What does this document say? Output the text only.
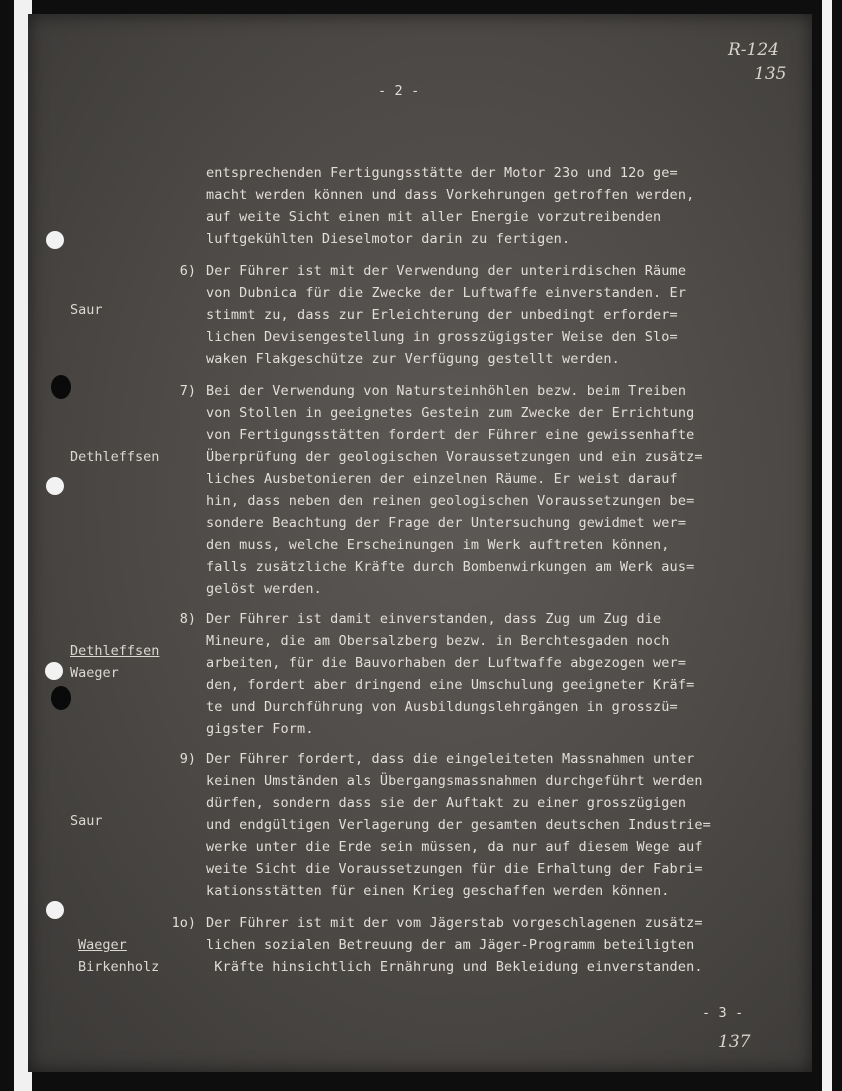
R-124
135
- 2 -
entsprechenden Fertigungsstätte der Motor 23o und 12o ge=
macht werden können und dass Vorkehrungen getroffen werden,
auf weite Sicht einen mit aller Energie vorzutreibenden
luftgekühlten Dieselmotor darin zu fertigen.
6) Der Führer ist mit der Verwendung der unterirdischen Räume
von Dubnica für die Zwecke der Luftwaffe einverstanden. Er
stimmt zu, dass zur Erleichterung der unbedingt erforder=
lichen Devisengestellung in grosszügigster Weise den Slo=
waken Flakgeschütze zur Verfügung gestellt werden.
7) Bei der Verwendung von Natursteinhöhlen bezw. beim Treiben
von Stollen in geeignetes Gestein zum Zwecke der Errichtung
von Fertigungsstätten fordert der Führer eine gewissenhafte
Überprüfung der geologischen Voraussetzungen und ein zusätz=
liches Ausbetonieren der einzelnen Räume. Er weist darauf
hin, dass neben den reinen geologischen Voraussetzungen be=
sondere Beachtung der Frage der Untersuchung gewidmet wer=
den muss, welche Erscheinungen im Werk auftreten können,
falls zusätzliche Kräfte durch Bombenwirkungen am Werk aus=
gelöst werden.
8) Der Führer ist damit einverstanden, dass Zug um Zug die
Mineure, die am Obersalzberg bezw. in Berchtesgaden noch
arbeiten, für die Bauvorhaben der Luftwaffe abgezogen wer=
den, fordert aber dringend eine Umschulung geeigneter Kräf=
te und Durchführung von Ausbildungslehrgängen in grosszü=
gigster Form.
9) Der Führer fordert, dass die eingeleiteten Massnahmen unter
keinen Umständen als Übergangsmassnahmen durchgeführt werden
dürfen, sondern dass sie der Auftakt zu einer grosszügigen
und endgültigen Verlagerung der gesamten deutschen Industrie=
werke unter die Erde sein müssen, da nur auf diesem Wege auf
weite Sicht die Voraussetzungen für die Erhaltung der Fabri=
kationsstätten für einen Krieg geschaffen werden können.
1o) Der Führer ist mit der vom Jägerstab vorgeschlagenen zusätz=
lichen sozialen Betreuung der am Jäger-Programm beteiligten
Kräfte hinsichtlich Ernährung und Bekleidung einverstanden.
Saur
Dethleffsen
Dethleffsen
Waeger
Saur
Waeger
Birkenholz
- 3 -
137
